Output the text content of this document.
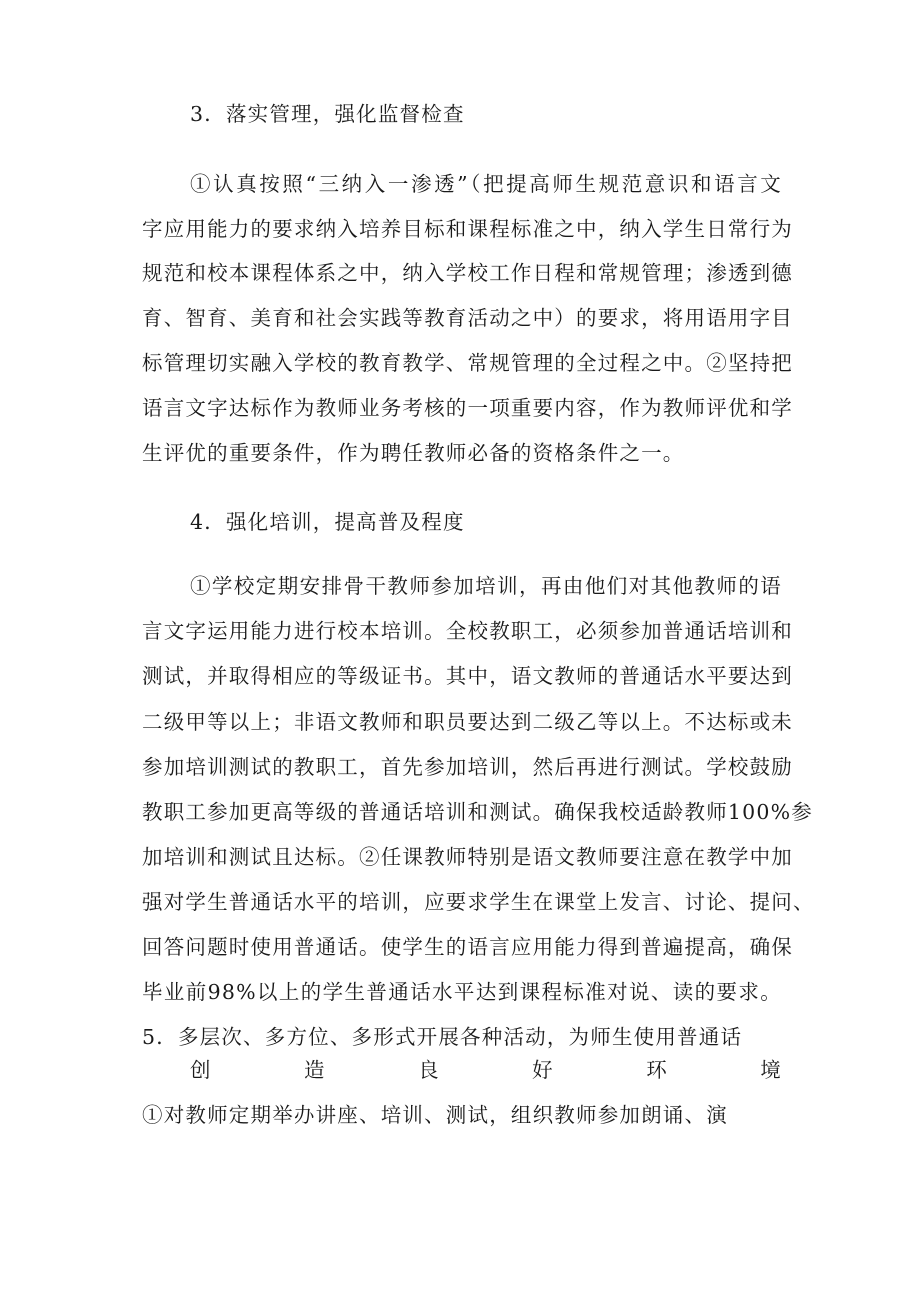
3．落实管理，强化监督检查
①认真按照“三纳入一渗透”（把提高师生规范意识和语言文
字应用能力的要求纳入培养目标和课程标准之中，纳入学生日常行为
规范和校本课程体系之中，纳入学校工作日程和常规管理；渗透到德
育、智育、美育和社会实践等教育活动之中）的要求，将用语用字目
标管理切实融入学校的教育教学、常规管理的全过程之中。②坚持把
语言文字达标作为教师业务考核的一项重要内容，作为教师评优和学
生评优的重要条件，作为聘任教师必备的资格条件之一。
4．强化培训，提高普及程度
①学校定期安排骨干教师参加培训，再由他们对其他教师的语
言文字运用能力进行校本培训。全校教职工，必须参加普通话培训和
测试，并取得相应的等级证书。其中，语文教师的普通话水平要达到
二级甲等以上；非语文教师和职员要达到二级乙等以上。不达标或未
参加培训测试的教职工，首先参加培训，然后再进行测试。学校鼓励
教职工参加更高等级的普通话培训和测试。确保我校适龄教师100%参
加培训和测试且达标。②任课教师特别是语文教师要注意在教学中加
强对学生普通话水平的培训，应要求学生在课堂上发言、讨论、提问、
回答问题时使用普通话。使学生的语言应用能力得到普遍提高，确保
毕业前98%以上的学生普通话水平达到课程标准对说、读的要求。
5．多层次、多方位、多形式开展各种活动，为师生使用普通话
创造良好环境
①对教师定期举办讲座、培训、测试，组织教师参加朗诵、演
